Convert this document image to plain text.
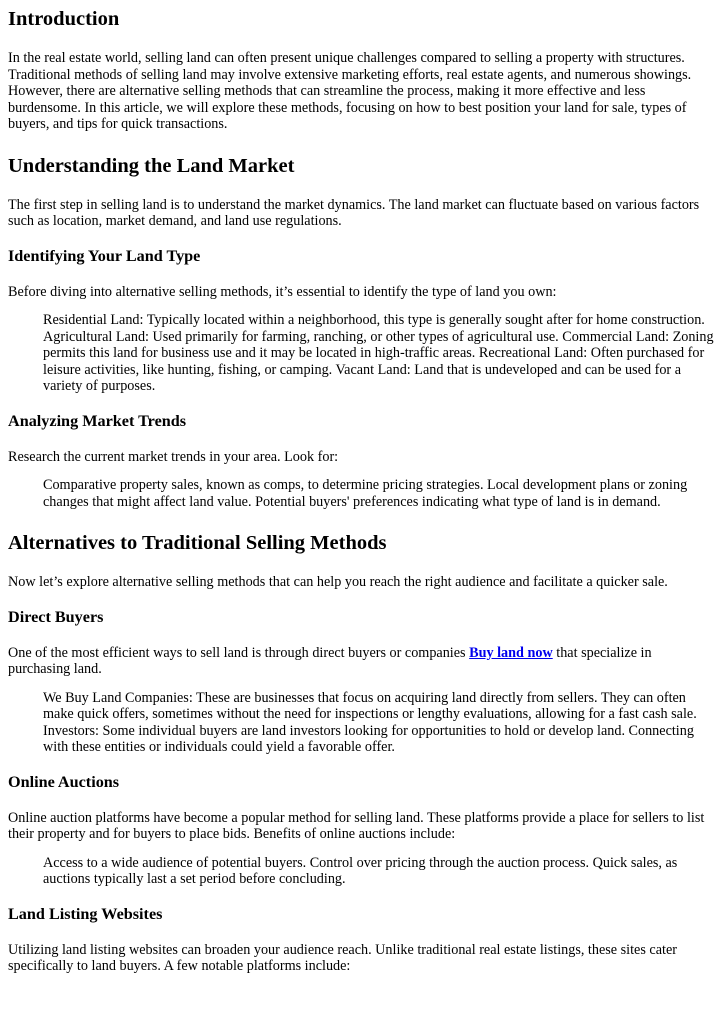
Introduction

In the real estate world, selling land can often present unique challenges compared to selling a property with structures. Traditional methods of selling land may involve extensive marketing efforts, real estate agents, and numerous showings. However, there are alternative selling methods that can streamline the process, making it more effective and less burdensome. In this article, we will explore these methods, focusing on how to best position your land for sale, types of buyers, and tips for quick transactions.

Understanding the Land Market

The first step in selling land is to understand the market dynamics. The land market can fluctuate based on various factors such as location, market demand, and land use regulations.

Identifying Your Land Type

Before diving into alternative selling methods, it’s essential to identify the type of land you own:

Residential Land: Typically located within a neighborhood, this type is generally sought after for home construction. Agricultural Land: Used primarily for farming, ranching, or other types of agricultural use. Commercial Land: Zoning permits this land for business use and it may be located in high-traffic areas. Recreational Land: Often purchased for leisure activities, like hunting, fishing, or camping. Vacant Land: Land that is undeveloped and can be used for a variety of purposes.
Analyzing Market Trends

Research the current market trends in your area. Look for:

Comparative property sales, known as comps, to determine pricing strategies. Local development plans or zoning changes that might affect land value. Potential buyers' preferences indicating what type of land is in demand.
Alternatives to Traditional Selling Methods

Now let’s explore alternative selling methods that can help you reach the right audience and facilitate a quicker sale.

Direct Buyers

One of the most efficient ways to sell land is through direct buyers or companies Buy land now that specialize in purchasing land.

We Buy Land Companies: These are businesses that focus on acquiring land directly from sellers. They can often make quick offers, sometimes without the need for inspections or lengthy evaluations, allowing for a fast cash sale. Investors: Some individual buyers are land investors looking for opportunities to hold or develop land. Connecting with these entities or individuals could yield a favorable offer.
Online Auctions

Online auction platforms have become a popular method for selling land. These platforms provide a place for sellers to list their property and for buyers to place bids. Benefits of online auctions include:

Access to a wide audience of potential buyers. Control over pricing through the auction process. Quick sales, as auctions typically last a set period before concluding.
Land Listing Websites

Utilizing land listing websites can broaden your audience reach. Unlike traditional real estate listings, these sites cater specifically to land buyers. A few notable platforms include:
